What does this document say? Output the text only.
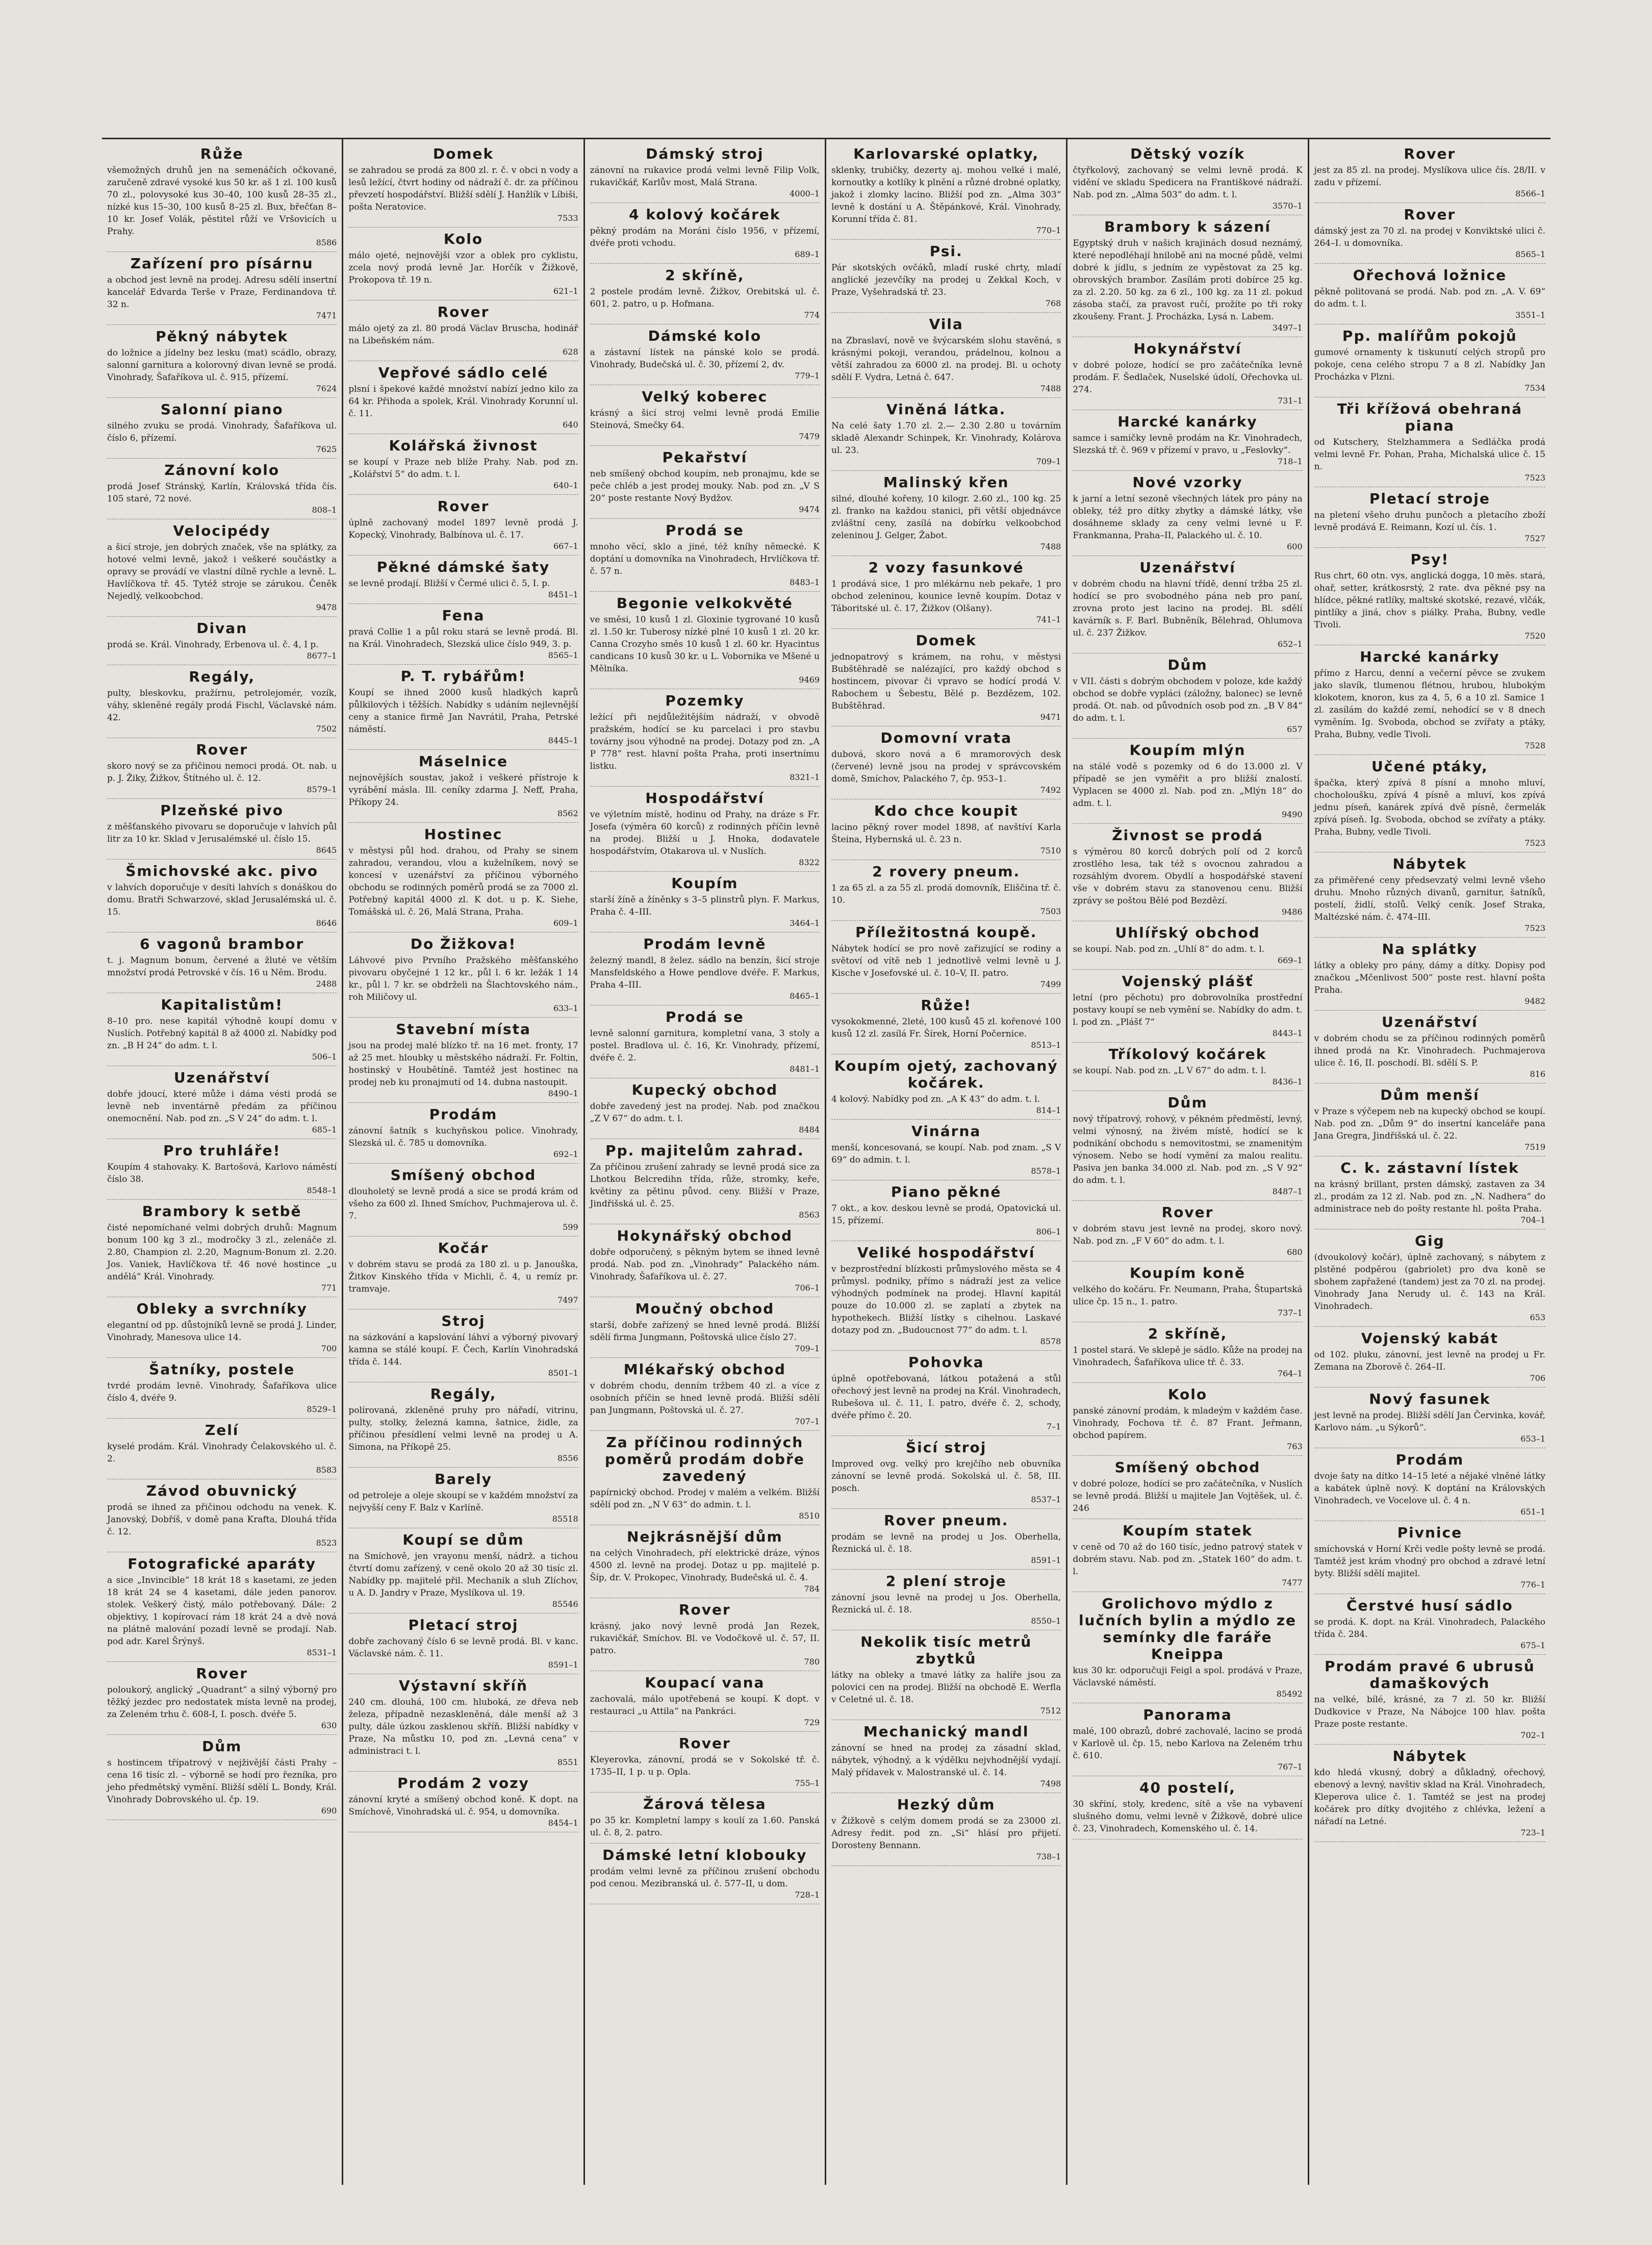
Růže
všemožných druhů jen na semenáčích očkované, zaručeně zdravé vysoké kus 50 kr. aš 1 zl. 100 kusů 70 zl., polovysoké kus 30–40, 100 kusů 28–35 zl., nízké kus 15–30, 100 kusů 8–25 zl. Bux, břečťan 8–10 kr. Josef Volák, pěstitel růží ve Vršovicích u Prahy.
8586
Zařízení pro písárnu
a obchod jest levně na prodej. Adresu sdělí insertní kancelář Edvarda Terše v Praze, Ferdinandova tř. 32 n.
7471
Pěkný nábytek
do ložnice a jídelny bez lesku (mat) scádlo, obrazy, salonní garnitura a kolorovný divan levně se prodá. Vinohrady, Šafaříkova ul. č. 915, přízemí.
7624
Salonní piano
silného zvuku se prodá. Vinohrady, Šafaříkova ul. číslo 6, přízemí.
7625
Zánovní kolo
prodá Josef Stránský, Karlín, Královská třída čís. 105 staré, 72 nové.
808–1
Velocipédy
a šicí stroje, jen dobrých značek, vše na splátky, za hotové velmi levně, jakož i veškeré součástky a opravy se provádí ve vlastní dílně rychle a levně. L. Havlíčkova tř. 45. Tytéž stroje se zárukou. Čeněk Nejedlý, velkoobchod.
9478
Divan
prodá se. Král. Vinohrady, Erbenova ul. č. 4, I p.
8677–1
Regály,
pulty, bleskovku, pražírnu, petrolejomér, vozík, váhy, skleněné regály prodá Fischl, Václavské nám. 42.
7502
Rover
skoro nový se za přičinou nemoci prodá. Ot. nab. u p. J. Žiky, Žižkov, Štítného ul. č. 12.
8579–1
Plzeňské pivo
z měšťanského pivovaru se doporučuje v lahvích půl litr za 10 kr. Sklad v Jerusalémské ul. číslo 15.
8645
Šmichovské akc. pivo
v lahvích doporučuje v desíti lahvích s donáškou do domu. Bratři Schwarzové, sklad Jerusalémská ul. č. 15.
8646
6 vagonů brambor
t. j. Magnum bonum, červené a žluté ve větším množství prodá Petrovské v čís. 16 u Něm. Brodu.
2488
Kapitalistům!
8–10 pro. nese kapitál výhodně koupí domu v Nuslích. Potřebný kapitál 8 až 4000 zl. Nabídky pod zn. „B H 24“ do adm. t. l.
506–1
Uzenářství
dobře jdoucí, které může i dáma vésti prodá se levně neb inventárně předám za příčinou onemocnění. Nab. pod zn. „S V 24“ do adm. t. l.
685–1
Pro truhláře!
Koupím 4 stahovaky. K. Bartošová, Karlovo náměstí číslo 38.
8548–1
Brambory k setbě
čisté nepomíchané velmi dobrých druhů: Magnum bonum 100 kg 3 zl., modročky 3 zl., zelenáče zl. 2.80, Champion zl. 2.20, Magnum-Bonum zl. 2.20. Jos. Vaniek, Havlíčkova tř. 46 nové hostince „u andělá“ Král. Vinohrady.
771
Obleky a svrchníky
elegantní od pp. důstojníků levně se prodá J. Linder, Vinohrady, Manesova ulice 14.
700
Šatníky, postele
tvrdé prodám levně. Vinohrady, Šafaříkova ulice číslo 4, dvéře 9.
8529–1
Zelí
kyselé prodám. Král. Vinohrady Čelakovského ul. č. 2.
8583
Závod obuvnický
prodá se ihned za přičinou odchodu na venek. K. Janovský, Dobříš, v domě pana Krafta, Dlouhá třída č. 12.
8523
Fotografické aparáty
a sice „Invincible“ 18 krát 18 s kasetami, ze jeden 18 krát 24 se 4 kasetami, dále jeden panorov. stolek. Veškerý čistý, málo potřebovaný. Dále: 2 objektivy, 1 kopírovací rám 18 krát 24 a dvě nová na plátně malování pozadí levně se prodají. Nab. pod adr. Karel Šrýnyš.
8531–1
Rover
poloukorý, anglický „Quadrant“ a silný výborný pro těžký jezdec pro nedostatek místa levně na prodej, za Zeleném trhu č. 608-I, I. posch. dvéře 5.
630
Dům
s hostincem třípatrový v nejživější části Prahy – cena 16 tisíc zl. – výborně se hodí pro řezníka, pro jeho předmětský vymění. Bližší sdělí L. Bondy, Král. Vinohrady Dobrovského ul. čp. 19.
690
Domek
se zahradou se prodá za 800 zl. r. č. v obci n vody a lesů ležící, čtvrt hodiny od nádraží č. dr. za příčinou převzetí hospodářství. Bližší sdělí J. Hanžlík v Líbiši, pošta Neratovice.
7533
Kolo
málo ojeté, nejnovější vzor a oblek pro cyklistu, zcela nový prodá levně Jar. Horčík v Žižkově, Prokopova tř. 19 n.
621–1
Rover
málo ojetý za zl. 80 prodá Václav Bruscha, hodinář na Libeňském nám.
628
Vepřové sádlo celé
plsní i špekové každé množství nabízí jedno kilo za 64 kr. Přihoda a spolek, Král. Vinohrady Korunní ul. č. 11.
640
Kolářská živnost
se koupí v Praze neb blíže Prahy. Nab. pod zn. „Kolářství 5“ do adm. t. l.
640–1
Rover
úplně zachovaný model 1897 levně prodá J. Kopecký, Vinohrady, Balbínova ul. č. 17.
667–1
Pěkné dámské šaty
se levně prodají. Bližší v Čermé ulici č. 5, I. p.
8451–1
Fena
pravá Collie 1 a půl roku stará se levně prodá. Bl. na Král. Vinohradech, Slezská ulice číslo 949, 3. p.
8565–1
P. T. rybářům!
Koupí se ihned 2000 kusů hladkých kaprů půlkilových i těžších. Nabídky s udáním nejlevnější ceny a stanice firmě Jan Navrátil, Praha, Petrské náměstí.
8445–1
Máselnice
nejnovějších soustav, jakož i veškeré přístroje k vyrábění másla. Ill. ceníky zdarma J. Neff, Praha, Příkopy 24.
8562
Hostinec
v městysi půl hod. drahou, od Prahy se sinem zahradou, verandou, vlou a kuželníkem, nový se koncesí v uzenářství za příčinou výborného obchodu se rodinných poměrů prodá se za 7000 zl. Potřebný kapitál 4000 zl. K dot. u p. K. Siehe, Tomášská ul. č. 26, Malá Strana, Praha.
609–1
Do Žižkova!
Láhvové pivo Prvního Pražského měšťanského pivovaru obyčejné 1 12 kr., půl l. 6 kr. ležák 1 14 kr., půl l. 7 kr. se obdrželi na Šlachtovského nám., roh Miličovy ul.
633–1
Stavební místa
jsou na prodej malé blízko tř. na 16 met. fronty, 17 až 25 met. hloubky u městského nádraží. Fr. Foltin, hostinský v Houbětíně. Tamtéž jest hostinec na prodej neb ku pronajmutí od 14. dubna nastoupit.
8490–1
Prodám
zánovní šatník s kuchyňskou police. Vinohrady, Slezská ul. č. 785 u domovníka.
692–1
Smíšený obchod
dlouholetý se levně prodá a sice se prodá krám od všeho za 600 zl. Ihned Smíchov, Puchmajerova ul. č. 7.
599
Kočár
v dobrém stavu se prodá za 180 zl. u p. Janouška, Žitkov Kinského třída v Michli, č. 4, u remíz pr. tramvaje.
7497
Stroj
na sázkování a kapslování láhví a výborný pivovarý kamna se stálé koupí. F. Čech, Karlín Vinohradská třída č. 144.
8501–1
Regály,
polírovaná, zkleněné pruhy pro nářadí, vitrinu, pulty, stolky, železná kamna, šatnice, židle, za příčinou přesídlení velmi levně na prodej u A. Simona, na Příkopě 25.
8556
Barely
od petroleje a oleje skoupí se v každém množství za nejvyšší ceny F. Balz v Karlíně.
85518
Koupí se dům
na Smíchově, jen vrayonu menší, nádrž. a tichou čtvrtí domu zařízený, v ceně okolo 20 až 30 tisíc zl. Nabídky pp. majitelé přil. Mechanik a sluh Zlíchov, u A. D. Jandry v Praze, Myslíkova ul. 19.
85546
Pletací stroj
dobře zachovaný číslo 6 se levně prodá. Bl. v kanc. Václavské nám. č. 11.
8591–1
Výstavní skříň
240 cm. dlouhá, 100 cm. hluboká, ze dřeva neb železa, případně nezaskleněná, dále menší až 3 pulty, dále úzkou zasklenou skříň. Bližší nabídky v Praze, Na můstku 10, pod zn. „Levná cena“ v administraci t. l.
8551
Prodám 2 vozy
zánovní kryté a smíšený obchod koně. K dopt. na Smíchově, Vinohradská ul. č. 954, u domovníka.
8454–1
Dámský stroj
zánovní na rukavice prodá velmi levně Filip Volk, rukavičkář, Karlův most, Malá Strana.
4000–1
4 kolový kočárek
pěkný prodám na Moráni číslo 1956, v přízemí, dvéře proti vchodu.
689–1
2 skříně,
2 postele prodám levně. Žižkov, Orebitská ul. č. 601, 2. patro, u p. Hofmana.
774
Dámské kolo
a zástavní lístek na pánské kolo se prodá. Vinohrady, Budečská ul. č. 30, přízemí 2, dv.
779–1
Velký koberec
krásný a šicí stroj velmi levně prodá Emilie Steinová, Smečky 64.
7479
Pekařství
neb smíšený obchod koupím, neb pronajmu, kde se peče chléb a jest prodej mouky. Nab. pod zn. „V S 20“ poste restante Nový Bydžov.
9474
Prodá se
mnoho věcí, sklo a jiné, též kníhy německé. K doptání u domovníka na Vinohradech, Hrvlíčkova tř. č. 57 n.
8483–1
Begonie velkokvěté
ve směsi, 10 kusů 1 zl. Gloxinie tygrované 10 kusů zl. 1.50 kr. Tuberosy nízké plné 10 kusů 1 zl. 20 kr. Canna Crozyho směs 10 kusů 1 zl. 60 kr. Hyacintus candicans 10 kusů 30 kr. u L. Vobornika ve Mšené u Mělníka.
9469
Pozemky
ležící při nejdůležitějším nádraží, v obvodě pražském, hodící se ku parcelaci i pro stavbu továrny jsou výhodně na prodej. Dotazy pod zn. „A P 778“ rest. hlavní pošta Praha, proti insertnímu listku.
8321–1
Hospodářství
ve výletním místě, hodinu od Prahy, na dráze s Fr. Josefa (výměra 60 korců) z rodinných příčin levně na prodej. Bližší u J. Hnoka, dodavatele hospodářstvím, Otakarova ul. v Nuslích.
8322
Koupím
starší žíně a žíněnky s 3–5 plinstrů plyn. F. Markus, Praha č. 4–III.
3464–1
Prodám levně
železný mandl, 8 želez. sádlo na benzín, šicí stroje Mansfeldského a Howe pendlove dvéře. F. Markus, Praha 4–III.
8465–1
Prodá se
levně salonní garnitura, kompletní vana, 3 stoly a postel. Bradlova ul. č. 16, Kr. Vinohrady, přízemí, dvéře č. 2.
8481–1
Kupecký obchod
dobře zavedený jest na prodej. Nab. pod značkou „Z V 67“ do adm. t. l.
8484
Pp. majitelům zahrad.
Za příčinou zrušení zahrady se levně prodá sice za Lhotkou Belcredihn třída, růže, stromky, keře, květiny za pětinu původ. ceny. Bližší v Praze, Jindřišská ul. č. 25.
8563
Hokynářský obchod
dobře odporučený, s pěkným bytem se ihned levně prodá. Nab. pod zn. „Vinohrady“ Palackého nám. Vinohrady, Šafaříkova ul. č. 27.
706–1
Moučný obchod
starší, dobře zařízený se hned levně prodá. Bližší sdělí firma Jungmann, Poštovská ulice číslo 27.
709–1
Mlékařský obchod
v dobrém chodu, denním tržbem 40 zl. a více z osobních příčin se hned levně prodá. Bližší sdělí pan Jungmann, Poštovská ul. č. 27.
707–1
Za příčinou rodinných poměrů prodám dobře zavedený
papírnický obchod. Prodej v malém a velkém. Bližší sdělí pod zn. „N V 63“ do admin. t. l.
8510
Nejkrásnější dům
na celých Vinohradech, pří elektrické dráze, výnos 4500 zl. levně na prodej. Dotaz u pp. majitelé p. Šíp, dr. V. Prokopec, Vinohrady, Budečská ul. č. 4.
784
Rover
krásný, jako nový levně prodá Jan Rezek, rukavičkář, Smíchov. Bl. ve Vodočkově ul. č. 57, II. patro.
780
Koupací vana
zachovalá, málo upotřebená se koupí. K dopt. v restauraci „u Attila“ na Pankráci.
729
Rover
Kleyerovka, zánovní, prodá se v Sokolské tř. č. 1735–II, 1 p. u p. Opla.
755–1
Žárová tělesa
po 35 kr. Kompletní lampy s koulí za 1.60. Panská ul. č. 8, 2. patro.
Dámské letní klobouky
prodám velmi levně za příčinou zrušení obchodu pod cenou. Mezibranská ul. č. 577–II, u dom.
728–1
Karlovarské oplatky,
sklenky, trubičky, dezerty aj. mohou velké i malé, kornoutky a kotlíky k plnění a různé drobné oplatky, jakož i zlomky lacino. Bližší pod zn. „Alma 303“ levně k dostání u A. Štěpánkové, Král. Vinohrady, Korunní třída č. 81.
770–1
Psi.
Pár skotských ovčáků, mladí ruské chrty, mladí anglické jezevčíky na prodej u Zekkal Koch, v Praze, Vyšehradská tř. 23.
768
Vila
na Zbraslaví, nově ve švýcarském slohu stavěná, s krásnými pokoji, verandou, prádelnou, kolnou a větší zahradou za 6000 zl. na prodej. Bl. u ochoty sdělí F. Vydra, Letná č. 647.
7488
Viněná látka.
Na celé šaty 1.70 zl. 2.— 2.30 2.80 u továrním skladě Alexandr Schinpek, Kr. Vinohrady, Kolárova ul. 23.
709–1
Malinský křen
silné, dlouhé kořeny, 10 kilogr. 2.60 zl., 100 kg. 25 zl. franko na každou stanici, při větší objednávce zvláštní ceny, zasílá na dobírku velkoobchod zeleninou J. Gelger, Žabot.
7488
2 vozy fasunkové
1 prodává sice, 1 pro mlékárnu neb pekaře, 1 pro obchod zeleninou, kounice levně koupím. Dotaz v Táboritské ul. č. 17, Žižkov (Olšany).
741–1
Domek
jednopatrový s krámem, na rohu, v městysi Bubštěhradě se nalézající, pro každý obchod s hostincem, pivovar či vpravo se hodící prodá V. Rabochem u Šebestu, Bělé p. Bezdězem, 102. Bubštěhrad.
9471
Domovní vrata
dubová, skoro nová a 6 mramorových desk (červené) levně jsou na prodej v správcovském domě, Smíchov, Palackého 7, čp. 953–1.
7492
Kdo chce koupit
lacino pěkný rover model 1898, ať navštíví Karla Šteina, Hybernská ul. č. 23 n.
7510
2 rovery pneum.
1 za 65 zl. a za 55 zl. prodá domovník, Eliščina tř. č. 10.
7503
Příležitostná koupě.
Nábytek hodící se pro nově zařizující se rodiny a světoví od vítě neb 1 jednotlivě velmi levně u J. Kische v Josefovské ul. č. 10–V, II. patro.
7499
Růže!
vysokokmenné, 2leté, 100 kusů 45 zl. kořenové 100 kusů 12 zl. zasílá Fr. Šírek, Horní Počernice.
8513–1
Koupím ojetý, zachovaný kočárek.
4 kolový. Nabídky pod zn. „A K 43“ do adm. t. l.
814–1
Vinárna
menší, koncesovaná, se koupí. Nab. pod znam. „S V 69“ do admin. t. l.
8578–1
Piano pěkné
7 okt., a kov. deskou levně se prodá, Opatovická ul. 15, přízemí.
806–1
Veliké hospodářství
v bezprostřední blízkosti průmyslového města se 4 průmysl. podniky, přímo s nádraží jest za velice výhodných podmínek na prodej. Hlavní kapitál pouze do 10.000 zl. se zaplatí a zbytek na hypothekech. Bližší lístky s cihelnou. Laskavé dotazy pod zn. „Budoucnost 77“ do adm. t. l.
8578
Pohovka
úplně opotřebovaná, látkou potažená a stůl ořechový jest levně na prodej na Král. Vinohradech, Rubešova ul. č. 11, I. patro, dvéře č. 2, schody, dvéře přímo č. 20.
7–1
Šicí stroj
Improved ovg. velký pro krejčího neb obuvníka zánovní se levně prodá. Sokolská ul. č. 58, III. posch.
8537–1
Rover pneum.
prodám se levně na prodej u Jos. Oberhella, Řeznická ul. č. 18.
8591–1
2 plení stroje
zánovní jsou levně na prodej u Jos. Oberhella, Řeznická ul. č. 18.
8550–1
Nekolik tisíc metrů zbytků
látky na obleky a tmavé látky za halíře jsou za polovici cen na prodej. Bližší na obchodě E. Werfla v Celetné ul. č. 18.
7512
Mechanický mandl
zánovní se hned na prodej za zásadní sklad, nábytek, výhodný, a k výdělku nejvhodnější vydají. Malý přídavek v. Malostranské ul. č. 14.
7498
Hezký dům
v Žižkově s celým domem prodá se za 23000 zl. Adresy ředit. pod zn. „Si“ hlásí pro přijetí. Dorosteny Bennann.
738–1
Dětský vozík
čtyřkolový, zachovaný se velmi levně prodá. K vidění ve skladu Spedicera na Františkové nádraží. Nab. pod zn. „Alma 503“ do adm. t. l.
3570–1
Brambory k sázení
Egyptský druh v našich krajinách dosud neznámý, které nepodléhají hnilobě ani na mocné půdě, velmi dobré k jídlu, s jedním ze vypěstovat za 25 kg. obrovských brambor. Zasílám proti dobírce 25 kg. za zl. 2.20. 50 kg. za 6 zl., 100 kg. za 11 zl. pokud zásoba stačí, za pravost ručí, prožíte po tři roky zkoušeny. Frant. J. Procházka, Lysá n. Labem.
3497–1
Hokynářství
v dobré poloze, hodící se pro začátečníka levně prodám. F. Šedlaček, Nuselské údolí, Ořechovka ul. 274.
731–1
Harcké kanárky
samce i samičky levně prodám na Kr. Vinohradech, Slezská tř. č. 969 v přízemí v pravo, u „Feslovky“.
718–1
Nové vzorky
k jarní a letní sezoně všechných látek pro pány na obleky, též pro dítky zbytky a dámské látky, vše dosáhneme sklady za ceny velmi levné u F. Frankmanna, Praha–II, Palackého ul. č. 10.
600
Uzenářství
v dobrém chodu na hlavní třídě, denní tržba 25 zl. hodící se pro svobodného pána neb pro paní, zrovna proto jest lacino na prodej. Bl. sdělí kavárník s. F. Barl. Bubněník, Bělehrad, Ohlumova ul. č. 237 Žižkov.
652–1
Dům
v VII. části s dobrým obchodem v poloze, kde každý obchod se dobře vypláci (záložny, balonec) se levně prodá. Ot. nab. od původních osob pod zn. „B V 84“ do adm. t. l.
657
Koupím mlýn
na stálé vodě s pozemky od 6 do 13.000 zl. V případě se jen vyměřit a pro bližší znalostí. Vyplacen se 4000 zl. Nab. pod zn. „Mlýn 18“ do adm. t. l.
9490
Živnost se prodá
s výměrou 80 korců dobrých polí od 2 korců zrostlého lesa, tak též s ovocnou zahradou a rozsáhlým dvorem. Obydlí a hospodářské stavení vše v dobrém stavu za stanovenou cenu. Bližší zprávy se poštou Bělé pod Bezdězí.
9486
Uhlířský obchod
se koupí. Nab. pod zn. „Uhlí 8“ do adm. t. l.
669–1
Vojenský plášť
letní (pro pěchotu) pro dobrovolníka prostřední postavy koupí se neb vymění se. Nabídky do adm. t. l. pod zn. „Plášť 7“
8443–1
Tříkolový kočárek
se koupí. Nab. pod zn. „L V 67“ do adm. t. l.
8436–1
Dům
nový třípatrový, rohový, v pěkném předměstí, levný, velmi výnosný, na živém místě, hodící se k podnikání obchodu s nemovitostmi, se znamenitým výnosem. Nebo se hodí vymění za malou realitu. Pasiva jen banka 34.000 zl. Nab. pod zn. „S V 92“ do adm. t. l.
8487–1
Rover
v dobrém stavu jest levně na prodej, skoro nový. Nab. pod zn. „F V 60“ do adm. t. l.
680
Koupím koně
velkého do kočáru. Fr. Neumann, Praha, Štupartská ulice čp. 15 n., 1. patro.
737–1
2 skříně,
1 postel stará. Ve sklepě je sádlo. Kůže na prodej na Vinohradech, Šafaříkova ulice tř. č. 33.
764–1
Kolo
panské zánovní prodám, k mladeým v každém čase. Vinohrady, Fochova tř. č. 87 Frant. Jeřmann, obchod papírem.
763
Smíšený obchod
v dobré poloze, hodící se pro začátečníka, v Nuslích se levně prodá. Bližší u majitele Jan Vojtěšek, ul. č. 246
Koupím statek
v ceně od 70 až do 160 tisíc, jedno patrový statek v dobrém stavu. Nab. pod zn. „Statek 160“ do adm. t. l.
7477
Grolichovo mýdlo z lučních bylin a mýdlo ze semínky dle faráře Kneippa
kus 30 kr. odporučuji Feigl a spol. prodává v Praze, Václavské náměstí.
85492
Panorama
malé, 100 obrazů, dobré zachovalé, lacino se prodá v Karlově ul. čp. 15, nebo Karlova na Zeleném trhu č. 610.
767–1
40 postelí,
30 skříní, stoly, kredenc, sítě a vše na vybavení slušného domu, velmi levně v Žižkově, dobré ulice č. 23, Vinohradech, Komenského ul. č. 14.
Rover
jest za 85 zl. na prodej. Myslíkova ulice čís. 28/II. v zadu v přízemí.
8566–1
Rover
dámský jest za 70 zl. na prodej v Konviktské ulici č. 264–I. u domovníka.
8565–1
Ořechová ložnice
pěkně politovaná se prodá. Nab. pod zn. „A. V. 69“ do adm. t. l.
3551–1
Pp. malířům pokojů
gumové ornamenty k tiskunutí celých stropů pro pokoje, cena celého stropu 7 a 8 zl. Nabídky Jan Procházka v Plzni.
7534
Tři křížová obehraná piana
od Kutschery, Stelzhammera a Sedláčka prodá velmi levně Fr. Pohan, Praha, Michalská ulice č. 15 n.
7523
Pletací stroje
na pletení všeho druhu punčoch a pletacího zboží levně prodává E. Reimann, Kozí ul. čís. 1.
7527
Psy!
Rus chrt, 60 otn. vys, anglická dogga, 10 měs. stará, ohař, setter, krátkosrstý, 2 rate. dva pěkné psy na hlídce, pěkné ratlíky, maltské skotské, rezavé, vlčák, pintlíky a jiná, chov s piálky. Praha, Bubny, vedle Tivoli.
7520
Harcké kanárky
přímo z Harcu, denní a večerní pěvce se zvukem jako slavík, tlumenou flétnou, hrubou, hlubokým klokotem, knoron, kus za 4, 5, 6 a 10 zl. Samice 1 zl. zasílám do každé zemí, nehodící se v 8 dnech vyměním. Ig. Svoboda, obchod se zvířaty a ptáky, Praha, Bubny, vedle Tivoli.
7528
Učené ptáky,
špačka, který zpívá 8 písní a mnoho mluví, chocholoušku, zpívá 4 písně a mluví, kos zpívá jednu píseň, kanárek zpívá dvě písně, čermelák zpívá píseň. Ig. Svoboda, obchod se zvířaty a ptáky. Praha, Bubny, vedle Tivoli.
7523
Nábytek
za přiměřené ceny předsevzatý velmi levně všeho druhu. Mnoho různých divanů, garnitur, šatníků, postelí, židlí, stolů. Velký ceník. Josef Straka, Maltézské nám. č. 474–III.
7523
Na splátky
látky a obleky pro pány, dámy a dítky. Dopisy pod značkou „Mčenlivost 500“ poste rest. hlavní pošta Praha.
9482
Uzenářství
v dobrém chodu se za příčinou rodinných poměrů ihned prodá na Kr. Vinohradech. Puchmajerova ulice č. 16, II. poschodí. Bl. sdělí S. P.
816
Dům menší
v Praze s výčepem neb na kupecký obchod se koupí. Nab. pod zn. „Dům 9“ do insertní kanceláře pana Jana Gregra, Jindřišská ul. č. 22.
7519
C. k. zástavní lístek
na krásný brillant, prsten dámský, zastaven za 34 zl., prodám za 12 zl. Nab. pod zn. „N. Nadhera“ do administrace neb do pošty restante hl. pošta Praha.
704–1
Gig
(dvoukolový kočár), úplně zachovaný, s nábytem z plstěné podpěrou (gabriolet) pro dva koně se sbohem zapřažené (tandem) jest za 70 zl. na prodej. Vinohrady Jana Nerudy ul. č. 143 na Král. Vinohradech.
653
Vojenský kabát
od 102. pluku, zánovní, jest levně na prodej u Fr. Zemana na Zborově č. 264–II.
706
Nový fasunek
jest levně na prodej. Bližší sdělí Jan Červinka, kovář, Karlovo nám. „u Sýkorů“.
653–1
Prodám
dvoje šaty na dítko 14–15 leté a nějaké vlněné látky a kabátek úplně nový. K doptání na Královských Vinohradech, ve Vocelove ul. č. 4 n.
651–1
Pivnice
smíchovská v Horní Krči vedle pošty levně se prodá. Tamtéž jest krám vhodný pro obchod a zdravé letní byty. Bližší sdělí majitel.
776–1
Čerstvé husí sádlo
se prodá. K. dopt. na Král. Vinohradech, Palackého třída č. 284.
675–1
Prodám pravé 6 ubrusů damaškových
na velké, bílé, krásné, za 7 zl. 50 kr. Bližší Dudkovice v Praze, Na Nábojce 100 hlav. pošta Praze poste restante.
702–1
Nábytek
kdo hledá vkusný, dobrý a důkladný, ořechový, ebenový a levný, navštiv sklad na Král. Vinohradech, Kleperova ulice č. 1. Tamtéž se jest na prodej kočárek pro dítky dvojitého z chlévka, ležení a nářadí na Letné.
723–1
